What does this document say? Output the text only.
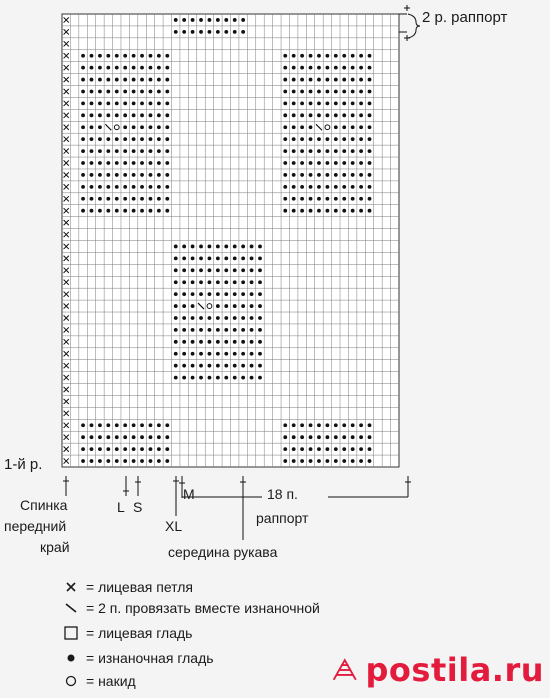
2 р. раппорт
1-й р.
L S
XL
M	18 п.
раппорт
Спинка
передний
край	середина рукава
= лицевая петля
= 2 п. провязать вместе изнаночной
= лицевая гладь
= изнаночная гладь
= накид	postila.ru
